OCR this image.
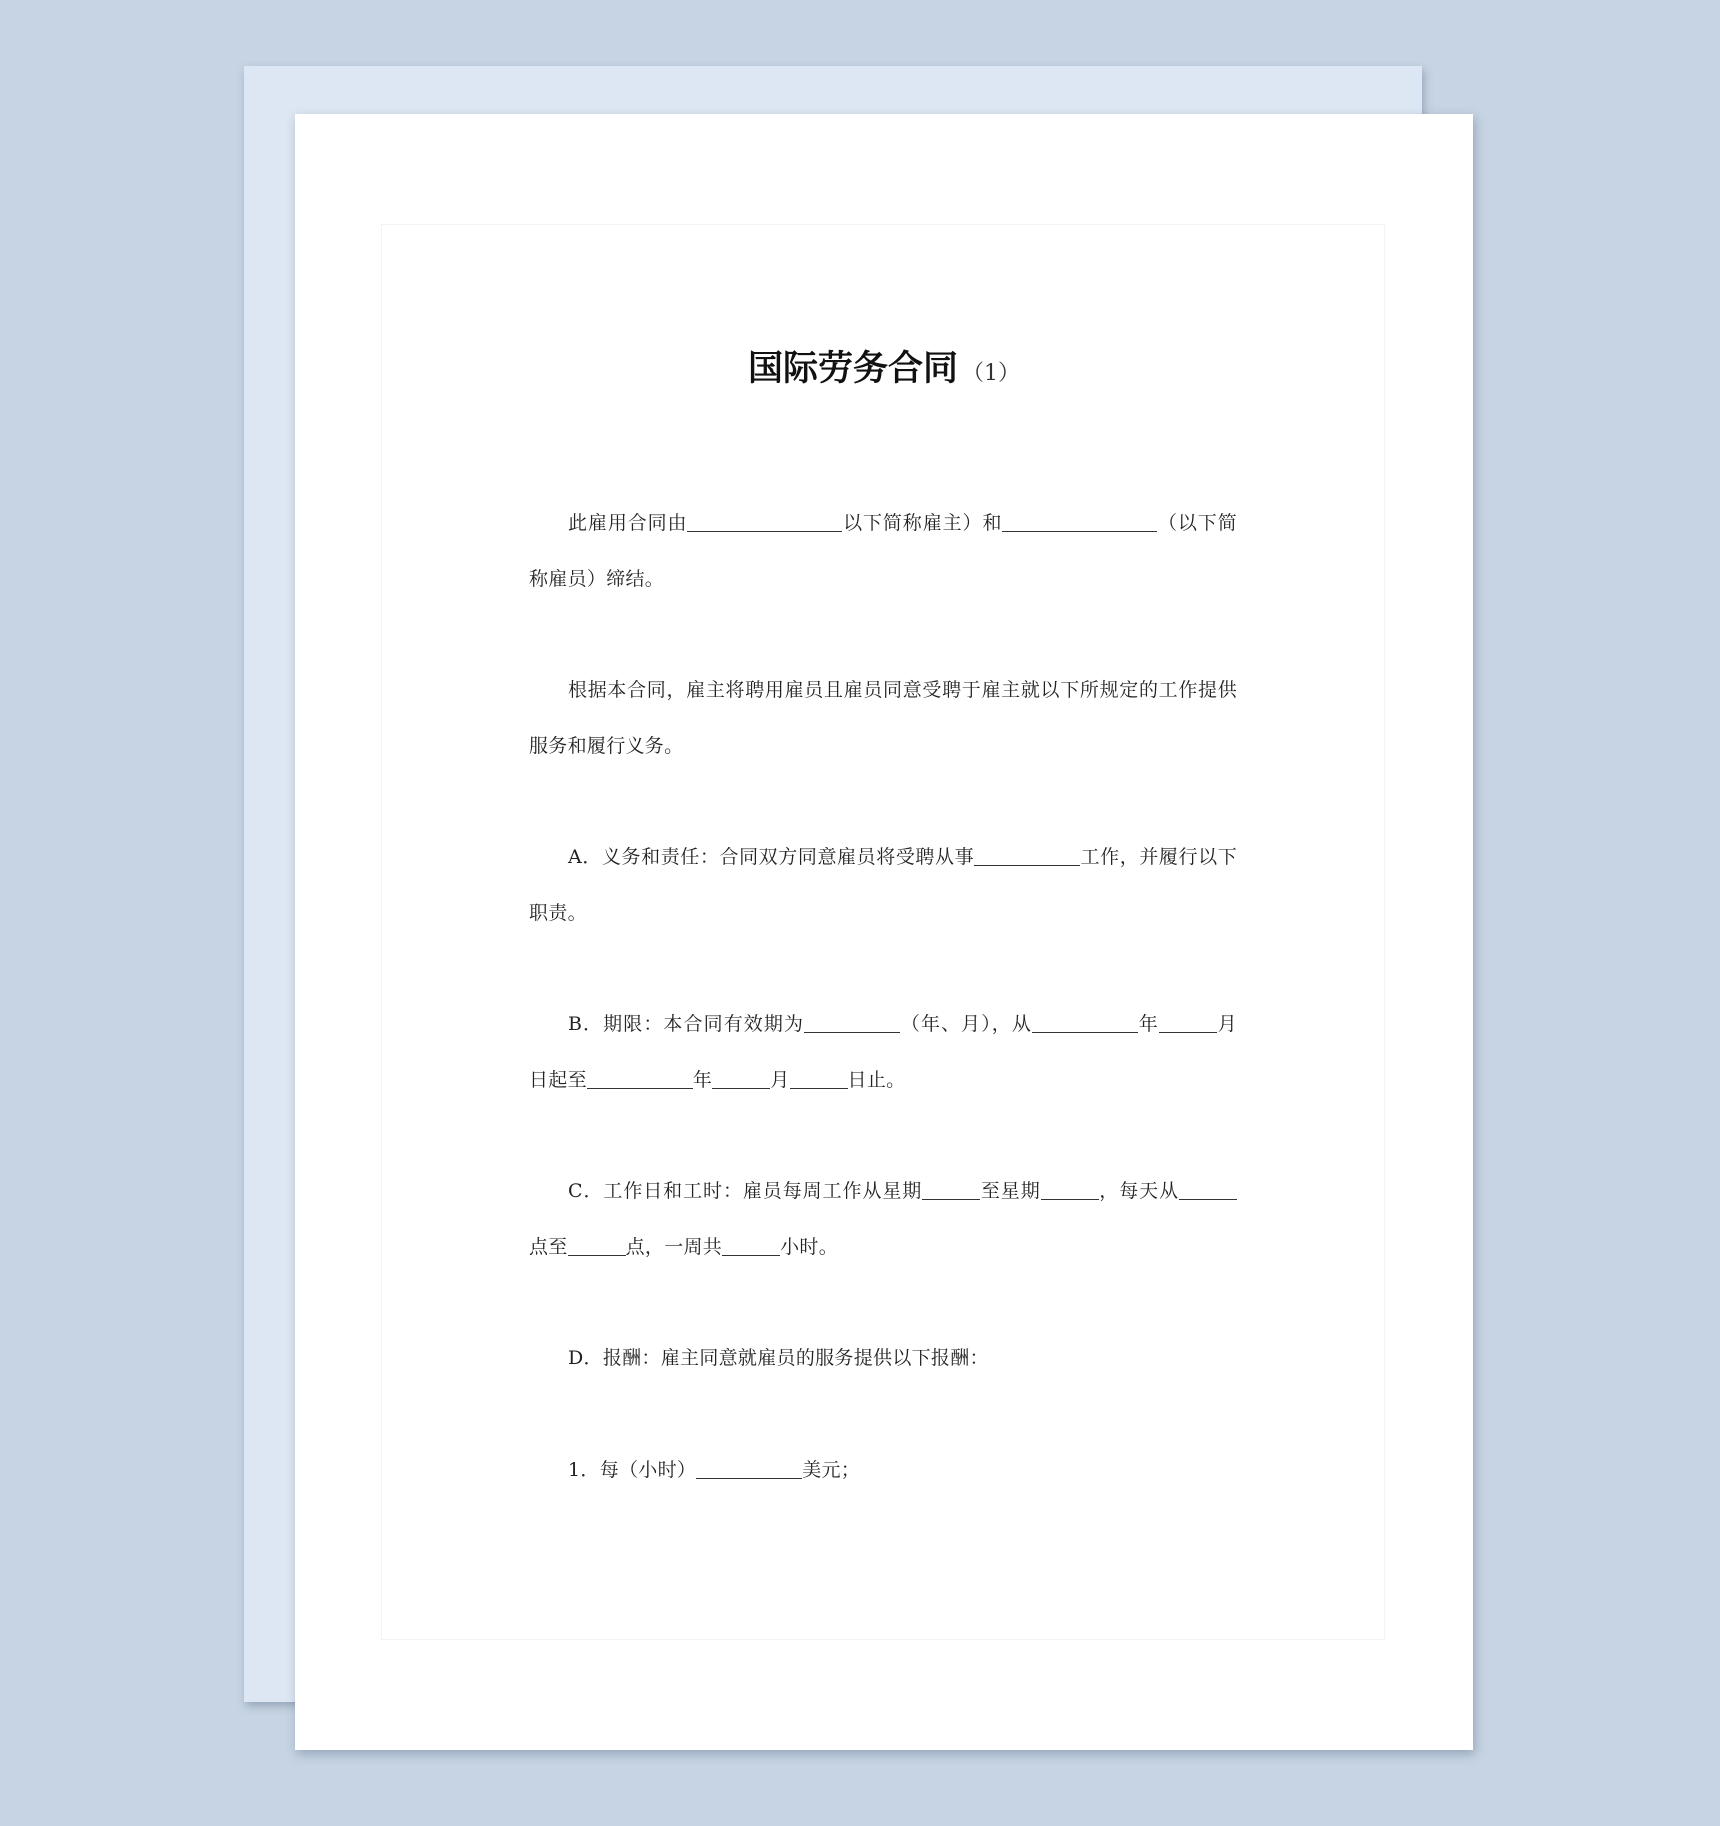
国际劳务合同 （1）

此雇用合同由	以下简称雇主）和	（以下简称雇员）缔结。

根据本合同，雇主将聘用雇员且雇员同意受聘于雇主就以下所规定的工作提供服务和履行义务。

A．义务和责任：合同双方同意雇员将受聘从事	工作，并履行以下职责。

B．期限：本合同有效期为	（年、月），从	年	月日起至	年	月	日止。

C．工作日和工时：雇员每周工作从星期	至星期	，每天从点至	点，一周共	小时。

D．报酬：雇主同意就雇员的服务提供以下报酬：

1．每（小时）	美元；
